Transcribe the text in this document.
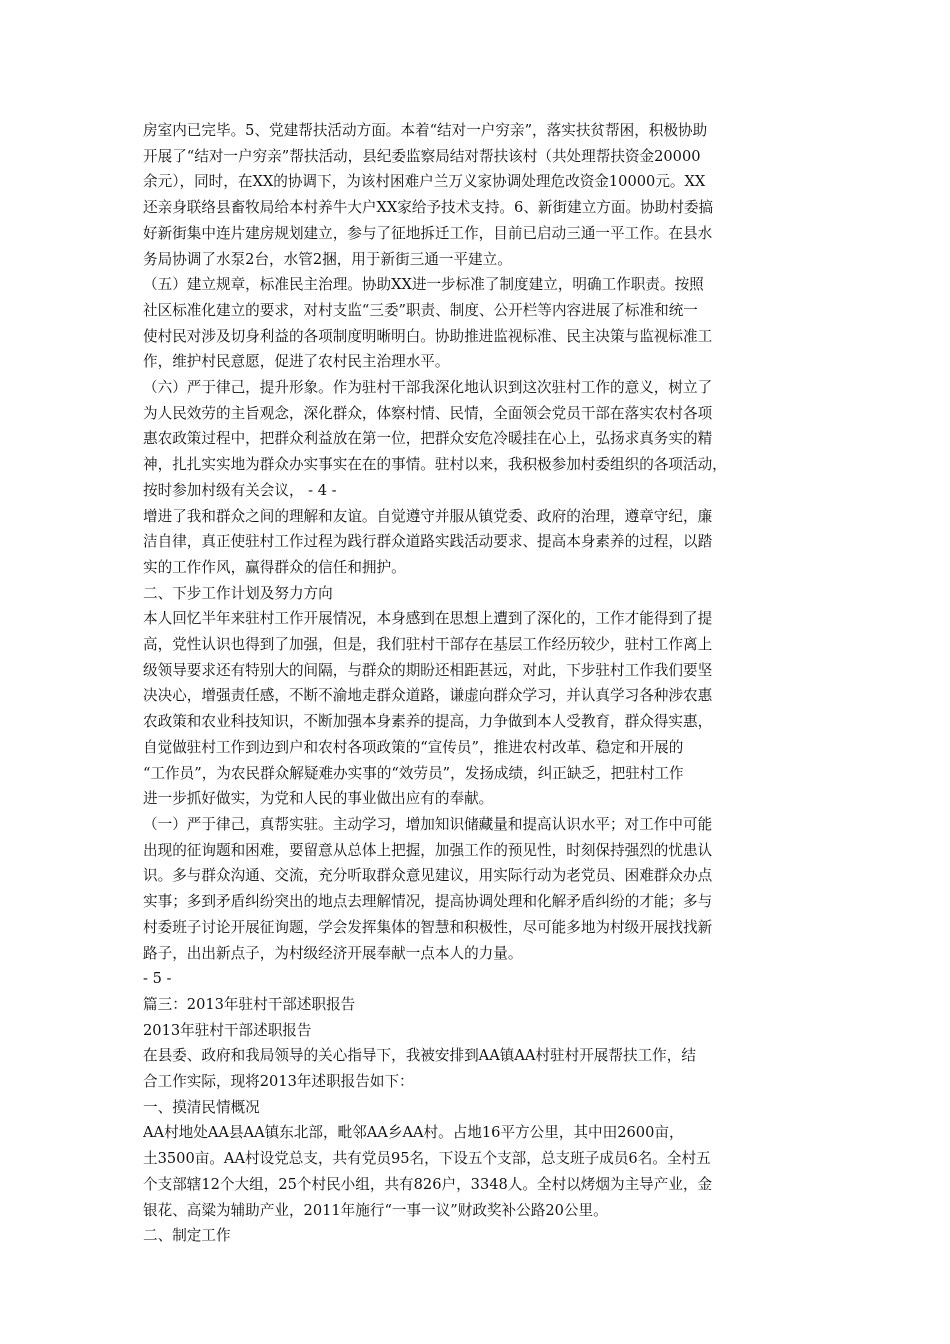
房室内已完毕。5、党建帮扶活动方面。本着“结对一户穷亲”，落实扶贫帮困，积极协助
开展了“结对一户穷亲”帮扶活动，县纪委监察局结对帮扶该村（共处理帮扶资金20000
余元），同时，在XX的协调下，为该村困难户兰万义家协调处理危改资金10000元。XX
还亲身联络县畜牧局给本村养牛大户XX家给予技术支持。6、新街建立方面。协助村委搞
好新街集中连片建房规划建立，参与了征地拆迁工作，目前已启动三通一平工作。在县水
务局协调了水泵2台，水管2捆，用于新街三通一平建立。
（五）建立规章，标准民主治理。协助XX进一步标准了制度建立，明确工作职责。按照
社区标准化建立的要求，对村支监“三委”职责、制度、公开栏等内容进展了标准和统一
使村民对涉及切身利益的各项制度明晰明白。协助推进监视标准、民主决策与监视标准工
作，维护村民意愿，促进了农村民主治理水平。
（六）严于律己，提升形象。作为驻村干部我深化地认识到这次驻村工作的意义，树立了
为人民效劳的主旨观念，深化群众，体察村情、民情，全面领会党员干部在落实农村各项
惠农政策过程中，把群众利益放在第一位，把群众安危冷暖挂在心上，弘扬求真务实的精
神，扎扎实实地为群众办实事实在在的事情。驻村以来，我积极参加村委组织的各项活动，
按时参加村级有关会议， - 4 -
增进了我和群众之间的理解和友谊。自觉遵守并服从镇党委、政府的治理，遵章守纪，廉
洁自律，真正使驻村工作过程为践行群众道路实践活动要求、提高本身素养的过程，以踏
实的工作作风，赢得群众的信任和拥护。
二、下步工作计划及努力方向
本人回忆半年来驻村工作开展情况，本身感到在思想上遭到了深化的，工作才能得到了提
高，党性认识也得到了加强，但是，我们驻村干部存在基层工作经历较少，驻村工作离上
级领导要求还有特别大的间隔，与群众的期盼还相距甚远，对此，下步驻村工作我们要坚
决决心，增强责任感，不断不渝地走群众道路，谦虚向群众学习，并认真学习各种涉农惠
农政策和农业科技知识，不断加强本身素养的提高，力争做到本人受教育，群众得实惠，
自觉做驻村工作到边到户和农村各项政策的“宣传员”，推进农村改革、稳定和开展的
“工作员”，为农民群众解疑难办实事的“效劳员”，发扬成绩，纠正缺乏，把驻村工作
进一步抓好做实，为党和人民的事业做出应有的奉献。
（一）严于律己，真帮实驻。主动学习，增加知识储藏量和提高认识水平；对工作中可能
出现的征询题和困难，要留意从总体上把握，加强工作的预见性，时刻保持强烈的忧患认
识。多与群众沟通、交流，充分听取群众意见建议，用实际行动为老党员、困难群众办点
实事；多到矛盾纠纷突出的地点去理解情况，提高协调处理和化解矛盾纠纷的才能；多与
村委班子讨论开展征询题，学会发挥集体的智慧和积极性，尽可能多地为村级开展找找新
路子，出出新点子，为村级经济开展奉献一点本人的力量。
- 5 -
篇三：2013年驻村干部述职报告
2013年驻村干部述职报告
在县委、政府和我局领导的关心指导下，我被安排到AA镇AA村驻村开展帮扶工作，结
合工作实际，现将2013年述职报告如下：
一、摸清民情概况
AA村地处AA县AA镇东北部，毗邻AA乡AA村。占地16平方公里，其中田2600亩，
土3500亩。AA村设党总支，共有党员95名，下设五个支部，总支班子成员6名。全村五
个支部辖12个大组，25个村民小组，共有826户，3348人。全村以烤烟为主导产业，金
银花、高粱为辅助产业，2011年施行“一事一议”财政奖补公路20公里。
二、制定工作
